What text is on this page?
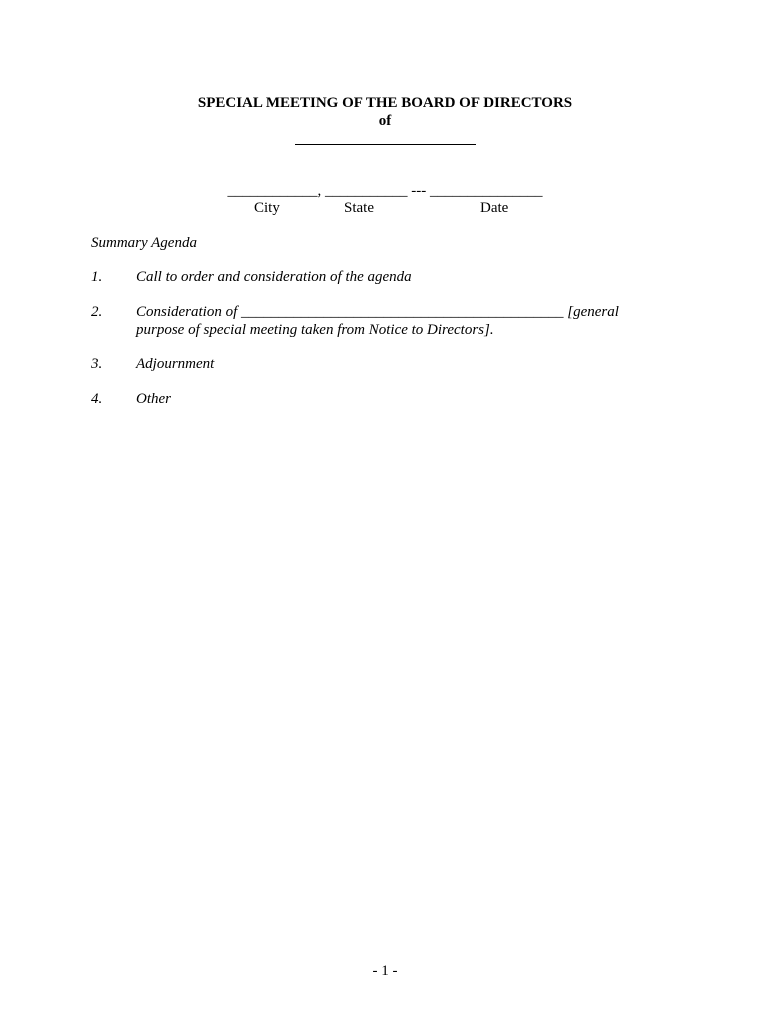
SPECIAL MEETING OF THE BOARD OF DIRECTORS
of
____________, ___________ --- _______________
City	State	Date
Summary Agenda
1. Call to order and consideration of the agenda
2. Consideration of ___________________________________________ [general
purpose of special meeting taken from Notice to Directors].
3. Adjournment
4. Other
- 1 -
